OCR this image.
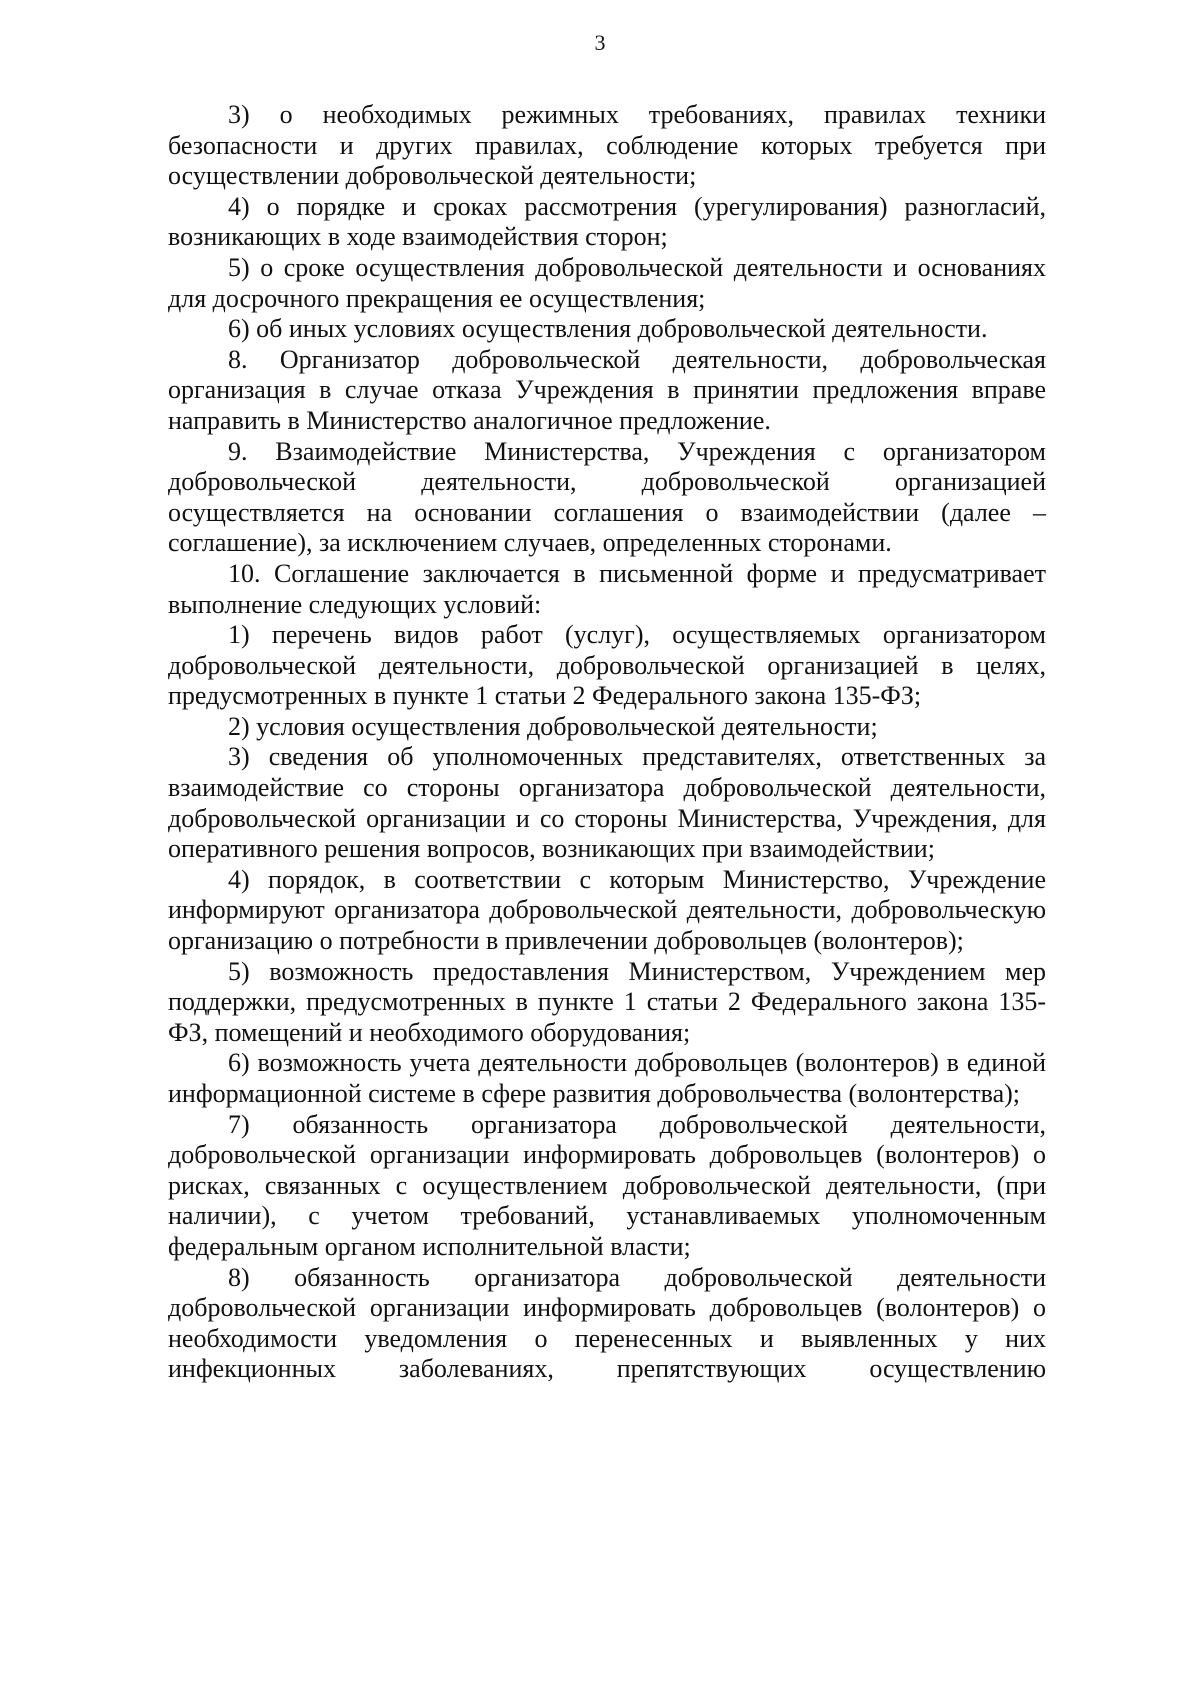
3

3) о необходимых режимных требованиях, правилах техники безопасности и других правилах, соблюдение которых требуется при осуществлении добровольческой деятельности;

4) о порядке и сроках рассмотрения (урегулирования) разногласий, возникающих в ходе взаимодействия сторон;

5) о сроке осуществления добровольческой деятельности и основаниях для досрочного прекращения ее осуществления;

6) об иных условиях осуществления добровольческой деятельности.

8. Организатор добровольческой деятельности, добровольческая организация в случае отказа Учреждения в принятии предложения вправе направить в Министерство аналогичное предложение.

9. Взаимодействие Министерства, Учреждения с организатором добровольческой деятельности, добровольческой организацией осуществляется на основании соглашения о взаимодействии (далее – соглашение), за исключением случаев, определенных сторонами.

10. Соглашение заключается в письменной форме и предусматривает выполнение следующих условий:

1) перечень видов работ (услуг), осуществляемых организатором добровольческой деятельности, добровольческой организацией в целях, предусмотренных в пункте 1 статьи 2 Федерального закона 135-ФЗ;

2) условия осуществления добровольческой деятельности;

3) сведения об уполномоченных представителях, ответственных за взаимодействие со стороны организатора добровольческой деятельности, добровольческой организации и со стороны Министерства, Учреждения, для оперативного решения вопросов, возникающих при взаимодействии;

4) порядок, в соответствии с которым Министерство, Учреждение информируют организатора добровольческой деятельности, добровольческую организацию о потребности в привлечении добровольцев (волонтеров);

5) возможность предоставления Министерством, Учреждением мер поддержки, предусмотренных в пункте 1 статьи 2 Федерального закона 135-ФЗ, помещений и необходимого оборудования;

6) возможность учета деятельности добровольцев (волонтеров) в единой информационной системе в сфере развития добровольчества (волонтерства);

7) обязанность организатора добровольческой деятельности, добровольческой организации информировать добровольцев (волонтеров) о рисках, связанных с осуществлением добровольческой деятельности, (при наличии), с учетом требований, устанавливаемых уполномоченным федеральным органом исполнительной власти;

8) обязанность организатора добровольческой деятельности добровольческой организации информировать добровольцев (волонтеров) о необходимости уведомления о перенесенных и выявленных у них инфекционных заболеваниях, препятствующих осуществлению
